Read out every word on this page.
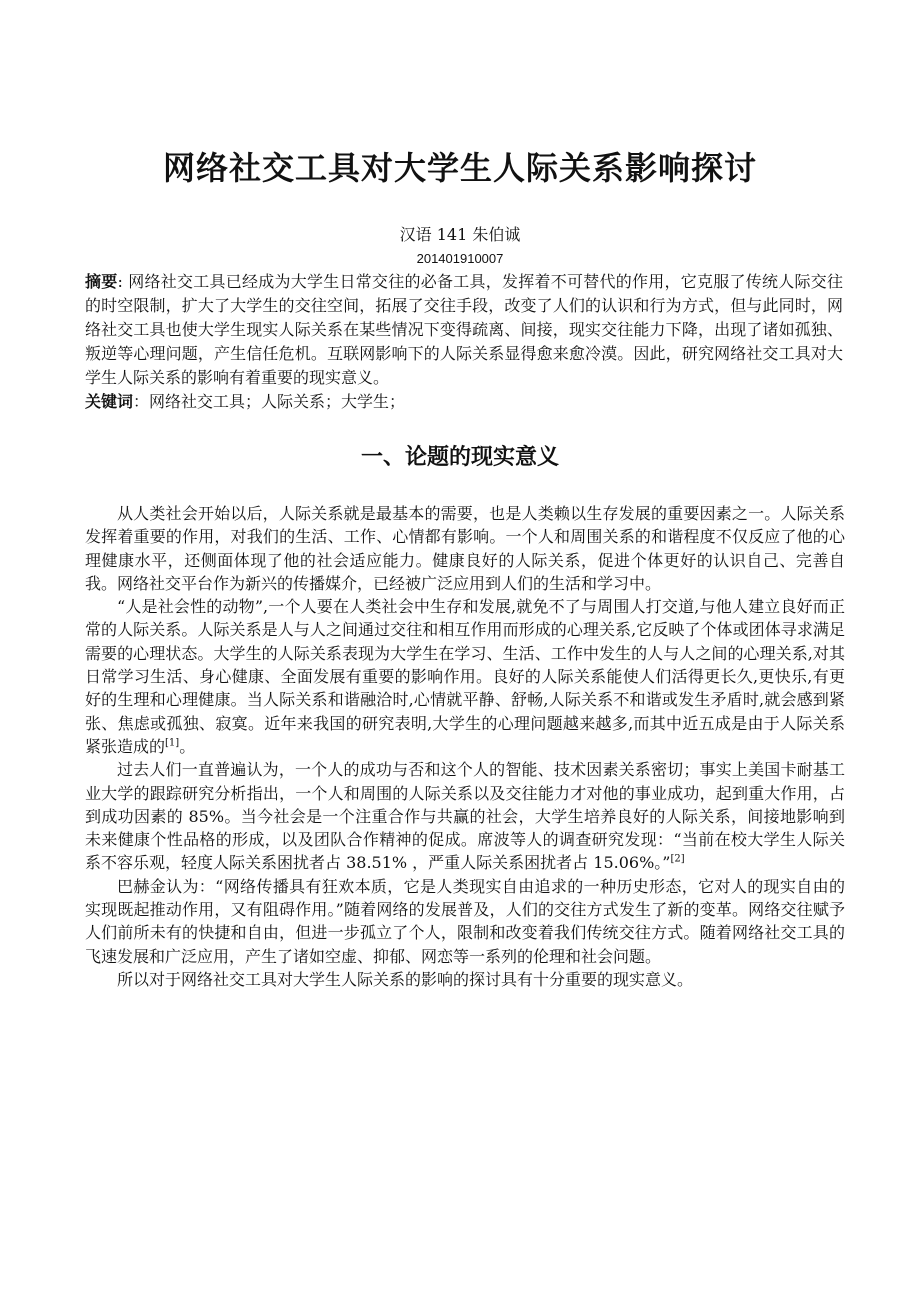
网络社交工具对大学生人际关系影响探讨
汉语 141 朱伯诚
201401910007

摘要: 网络社交工具已经成为大学生日常交往的必备工具，发挥着不可替代的作用，它克服了传统人际交往的时空限制，扩大了大学生的交往空间，拓展了交往手段，改变了人们的认识和行为方式，但与此同时，网络社交工具也使大学生现实人际关系在某些情况下变得疏离、间接，现实交往能力下降，出现了诸如孤独、叛逆等心理问题，产生信任危机。互联网影响下的人际关系显得愈来愈冷漠。因此，研究网络社交工具对大学生人际关系的影响有着重要的现实意义。

关键词：网络社交工具；人际关系；大学生；

一、论题的现实意义

从人类社会开始以后，人际关系就是最基本的需要，也是人类赖以生存发展的重要因素之一。人际关系发挥着重要的作用，对我们的生活、工作、心情都有影响。一个人和周围关系的和谐程度不仅反应了他的心理健康水平，还侧面体现了他的社会适应能力。健康良好的人际关系，促进个体更好的认识自己、完善自我。网络社交平台作为新兴的传播媒介，已经被广泛应用到人们的生活和学习中。

“人是社会性的动物”,一个人要在人类社会中生存和发展,就免不了与周围人打交道,与他人建立良好而正常的人际关系。人际关系是人与人之间通过交往和相互作用而形成的心理关系,它反映了个体或团体寻求满足需要的心理状态。大学生的人际关系表现为大学生在学习、生活、工作中发生的人与人之间的心理关系,对其日常学习生活、身心健康、全面发展有重要的影响作用。良好的人际关系能使人们活得更长久,更快乐,有更好的生理和心理健康。当人际关系和谐融洽时,心情就平静、舒畅,人际关系不和谐或发生矛盾时,就会感到紧张、焦虑或孤独、寂寞。近年来我国的研究表明,大学生的心理问题越来越多,而其中近五成是由于人际关系紧张造成的[1]。

过去人们一直普遍认为，一个人的成功与否和这个人的智能、技术因素关系密切；事实上美国卡耐基工业大学的跟踪研究分析指出，一个人和周围的人际关系以及交往能力才对他的事业成功，起到重大作用，占到成功因素的 85%。当今社会是一个注重合作与共赢的社会，大学生培养良好的人际关系，间接地影响到未来健康个性品格的形成，以及团队合作精神的促成。席波等人的调查研究发现：“当前在校大学生人际关系不容乐观，轻度人际关系困扰者占 38.51% ，严重人际关系困扰者占 15.06%。”[2]

巴赫金认为：“网络传播具有狂欢本质，它是人类现实自由追求的一种历史形态，它对人的现实自由的实现既起推动作用，又有阻碍作用。”随着网络的发展普及，人们的交往方式发生了新的变革。网络交往赋予人们前所未有的快捷和自由，但进一步孤立了个人，限制和改变着我们传统交往方式。随着网络社交工具的飞速发展和广泛应用，产生了诸如空虚、抑郁、网恋等一系列的伦理和社会问题。

所以对于网络社交工具对大学生人际关系的影响的探讨具有十分重要的现实意义。
